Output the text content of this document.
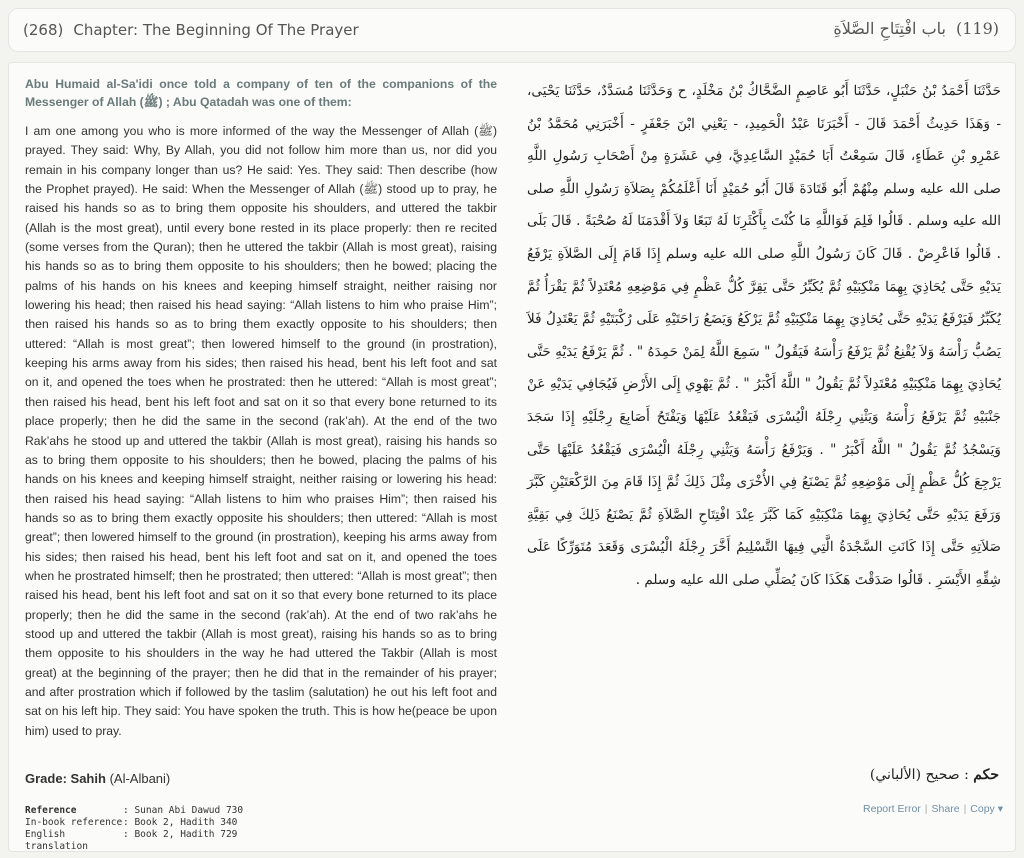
(268) Chapter: The Beginning Of The Prayer	(119)باب افْتِتَاحِ الصَّلاَةِ
Abu Humaid al-Sa'idi once told a company of ten of the companions of the Messenger of Allah (ﷺ) ; Abu Qatadah was one of them:

I am one among you who is more informed of the way the Messenger of Allah (ﷺ) prayed. They said: Why, By Allah, you did not follow him more than us, nor did you remain in his company longer than us? He said: Yes. They said: Then describe (how the Prophet prayed). He said: When the Messenger of Allah (ﷺ) stood up to pray, he raised his hands so as to bring them opposite his shoulders, and uttered the takbir (Allah is the most great), until every bone rested in its place properly: then re recited (some verses from the Quran); then he uttered the takbir (Allah is most great), raising his hands so as to bring them opposite to his shoulders; then he bowed; placing the palms of his hands on his knees and keeping himself straight, neither raising nor lowering his head; then raised his head saying: “Allah listens to him who praise Him”; then raised his hands so as to bring them exactly opposite to his shoulders; then uttered: “Allah is most great”; then lowered himself to the ground (in prostration), keeping his arms away from his sides; then raised his head, bent his left foot and sat on it, and opened the toes when he prostrated: then he uttered: “Allah is most great”; then raised his head, bent his left foot and sat on it so that every bone returned to its place properly; then he did the same in the second (rak’ah). At the end of the two Rak’ahs he stood up and uttered the takbir (Allah is most great), raising his hands so as to bring them opposite to his shoulders; then he bowed, placing the palms of his hands on his knees and keeping himself straight, neither raising or lowering his head: then raised his head saying: “Allah listens to him who praises Him”; then raised his hands so as to bring them exactly opposite his shoulders; then uttered: “Allah is most great”; then lowered himself to the ground (in prostration), keeping his arms away from his sides; then raised his head, bent his left foot and sat on it, and opened the toes when he prostrated himself; then he prostrated; then uttered: “Allah is most great”; then raised his head, bent his left foot and sat on it so that every bone returned to its place properly; then he did the same in the second (rak’ah). At the end of two rak’ahs he stood up and uttered the takbir (Allah is most great), raising his hands so as to bring them opposite to his shoulders in the way he had uttered the Takbir (Allah is most great) at the beginning of the prayer; then he did that in the remainder of his prayer; and after prostration which if followed by the taslim (salutation) he out his left foot and sat on his left hip. They said: You have spoken the truth. This is how he(peace be upon him) used to pray.

حَدَّثَنَا أَحْمَدُ بْنُ حَنْبَلٍ، حَدَّثَنَا أَبُو عَاصِمٍ الضَّحَّاكُ بْنُ مَخْلَدٍ، ح وَحَدَّثَنَا مُسَدَّدٌ، حَدَّثَنَا يَحْيَى، - وَهَذَا حَدِيثُ أَحْمَدَ قَالَ - أَخْبَرَنَا عَبْدُ الْحَمِيدِ، - يَعْنِي ابْنَ جَعْفَرٍ - أَخْبَرَنِي مُحَمَّدُ بْنُ عَمْرِو بْنِ عَطَاءٍ، قَالَ سَمِعْتُ أَبَا حُمَيْدٍ السَّاعِدِيَّ، فِي عَشَرَةٍ مِنْ أَصْحَابِ رَسُولِ اللَّهِ صلى الله عليه وسلم مِنْهُمْ أَبُو قَتَادَةَ قَالَ أَبُو حُمَيْدٍ أَنَا أَعْلَمُكُمْ بِصَلاَةِ رَسُولِ اللَّهِ صلى الله عليه وسلم ‏.‏ قَالُوا فَلِمَ فَوَاللَّهِ مَا كُنْتَ بِأَكْثَرِنَا لَهُ تَبَعًا وَلاَ أَقْدَمَنَا لَهُ صُحْبَةً ‏.‏ قَالَ بَلَى ‏.‏ قَالُوا فَاعْرِضْ ‏.‏ قَالَ كَانَ رَسُولُ اللَّهِ صلى الله عليه وسلم إِذَا قَامَ إِلَى الصَّلاَةِ يَرْفَعُ يَدَيْهِ حَتَّى يُحَاذِيَ بِهِمَا مَنْكِبَيْهِ ثُمَّ يُكَبِّرُ حَتَّى يَقِرَّ كُلُّ عَظْمٍ فِي مَوْضِعِهِ مُعْتَدِلاً ثُمَّ يَقْرَأُ ثُمَّ يُكَبِّرُ فَيَرْفَعُ يَدَيْهِ حَتَّى يُحَاذِيَ بِهِمَا مَنْكِبَيْهِ ثُمَّ يَرْكَعُ وَيَضَعُ رَاحَتَيْهِ عَلَى رُكْبَتَيْهِ ثُمَّ يَعْتَدِلُ فَلاَ يَصُبُّ رَأْسَهُ وَلاَ يُقْنِعُ ثُمَّ يَرْفَعُ رَأْسَهُ فَيَقُولُ ‏"‏ سَمِعَ اللَّهُ لِمَنْ حَمِدَهُ ‏"‏ ‏.‏ ثُمَّ يَرْفَعُ يَدَيْهِ حَتَّى يُحَاذِيَ بِهِمَا مَنْكِبَيْهِ مُعْتَدِلاً ثُمَّ يَقُولُ ‏"‏ اللَّهُ أَكْبَرُ ‏"‏ ‏.‏ ثُمَّ يَهْوِي إِلَى الأَرْضِ فَيُجَافِي يَدَيْهِ عَنْ جَنْبَيْهِ ثُمَّ يَرْفَعُ رَأْسَهُ وَيَثْنِي رِجْلَهُ الْيُسْرَى فَيَقْعُدُ عَلَيْهَا وَيَفْتَحُ أَصَابِعَ رِجْلَيْهِ إِذَا سَجَدَ وَيَسْجُدُ ثُمَّ يَقُولُ ‏"‏ اللَّهُ أَكْبَرُ ‏"‏ ‏.‏ وَيَرْفَعُ رَأْسَهُ وَيَثْنِي رِجْلَهُ الْيُسْرَى فَيَقْعُدُ عَلَيْهَا حَتَّى يَرْجِعَ كُلُّ عَظْمٍ إِلَى مَوْضِعِهِ ثُمَّ يَصْنَعُ فِي الأُخْرَى مِثْلَ ذَلِكَ ثُمَّ إِذَا قَامَ مِنَ الرَّكْعَتَيْنِ كَبَّرَ وَرَفَعَ يَدَيْهِ حَتَّى يُحَاذِيَ بِهِمَا مَنْكِبَيْهِ كَمَا كَبَّرَ عِنْدَ افْتِتَاحِ الصَّلاَةِ ثُمَّ يَصْنَعُ ذَلِكَ فِي بَقِيَّةِ صَلاَتِهِ حَتَّى إِذَا كَانَتِ السَّجْدَةُ الَّتِي فِيهَا التَّسْلِيمُ أَخَّرَ رِجْلَهُ الْيُسْرَى وَقَعَدَ مُتَوَرِّكًا عَلَى شِقِّهِ الأَيْسَرِ ‏.‏ قَالُوا صَدَقْتَ هَكَذَا كَانَ يُصَلِّي صلى الله عليه وسلم ‏.‏
Grade: Sahih (Al-Albani)	حكم : صحيح (الألباني)
Reference	: Sunan Abi Dawud 730
In-book reference : Book 2, Hadith 340
English translation
: Book 2, Hadith 729
Report Error | Share | Copy ▾
